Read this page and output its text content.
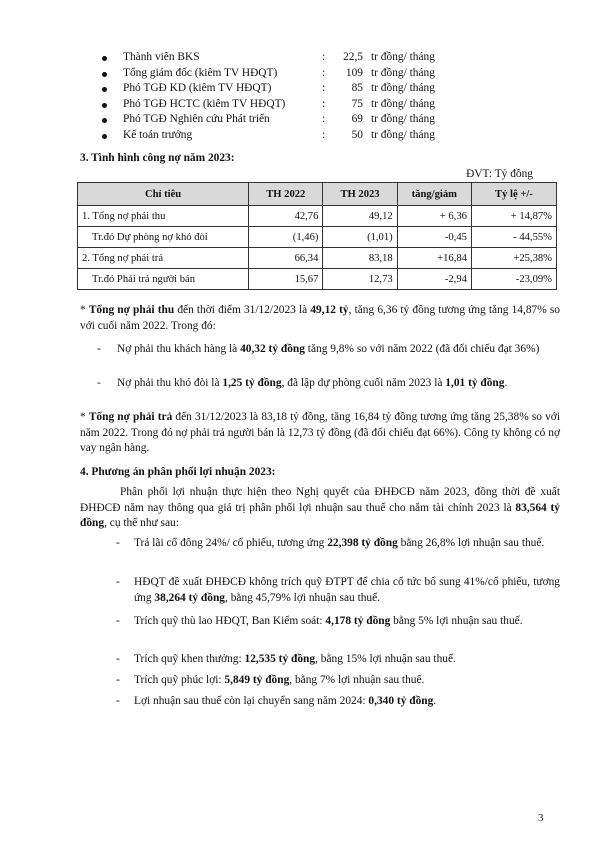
Thành viên BKS	:	22,5 tr đồng/ tháng
Tổng giám đốc (kiêm TV HĐQT)	:	109 tr đồng/ tháng
Phó TGĐ KD (kiêm TV HĐQT)	:	85 tr đồng/ tháng
Phó TGĐ HCTC (kiêm TV HĐQT)	:	75 tr đồng/ tháng
Phó TGĐ Nghiên cứu Phát triển	:	69 tr đồng/ tháng
Kế toán trưởng	:	50 tr đồng/ tháng
3. Tình hình công nợ năm 2023:
ĐVT: Tỷ đồng
Chỉ tiêu	TH 2022	TH 2023	tăng/giảm	Tỷ lệ +/-
1. Tổng nợ phải thu	42,76	49,12	+ 6,36	+ 14,87%
Tr.đó Dự phòng nợ khó đòi	(1,46)	(1,01)	-0,45	- 44,55%
2. Tổng nợ phải trả	66,34	83,18	+16,84	+25,38%
Tr.đó Phải trả người bán	15,67	12,73	-2,94	-23,09%
* Tổng nợ phải thu đến thời điểm 31/12/2023 là 49,12 tỷ, tăng 6,36 tỷ đồng tương ứng tăng 14,87% so với cuối năm 2022. Trong đó:
- Nợ phải thu khách hàng là 40,32 tỷ đồng tăng 9,8% so với năm 2022 (đã đối chiếu đạt 36%)
- Nợ phải thu khó đòi là 1,25 tỷ đồng, đã lập dự phòng cuối năm 2023 là 1,01 tỷ đồng.
* Tổng nợ phải trả đến 31/12/2023 là 83,18 tỷ đồng, tăng 16,84 tỷ đồng tương ứng tăng 25,38% so với năm 2022. Trong đó nợ phải trả người bán là 12,73 tỷ đồng (đã đối chiếu đạt 66%). Công ty không có nợ vay ngân hàng.
4. Phương án phân phối lợi nhuận 2023:
Phân phối lợi nhuận thực hiện theo Nghị quyết của ĐHĐCĐ năm 2023, đồng thời đề xuất ĐHĐCĐ năm nay thông qua giá trị phân phối lợi nhuận sau thuế cho năm tài chính 2023 là 83,564 tỷ đồng, cụ thể như sau:
- Trả lãi cổ đông 24%/ cổ phiếu, tương ứng 22,398 tỷ đồng bằng 26,8% lợi nhuận sau thuế.
- HĐQT đề xuất ĐHĐCĐ không trích quỹ ĐTPT để chia cổ tức bổ sung 41%/cổ phiếu, tương ứng 38,264 tỷ đồng, bằng 45,79% lợi nhuận sau thuế.
- Trích quỹ thù lao HĐQT, Ban Kiểm soát: 4,178 tỷ đồng bằng 5% lợi nhuận sau thuế.
- Trích quỹ khen thưởng: 12,535 tỷ đồng, bằng 15% lợi nhuận sau thuế.
- Trích quỹ phúc lợi: 5,849 tỷ đồng, bằng 7% lợi nhuận sau thuế.
- Lợi nhuận sau thuế còn lại chuyển sang năm 2024: 0,340 tỷ đồng.
3
